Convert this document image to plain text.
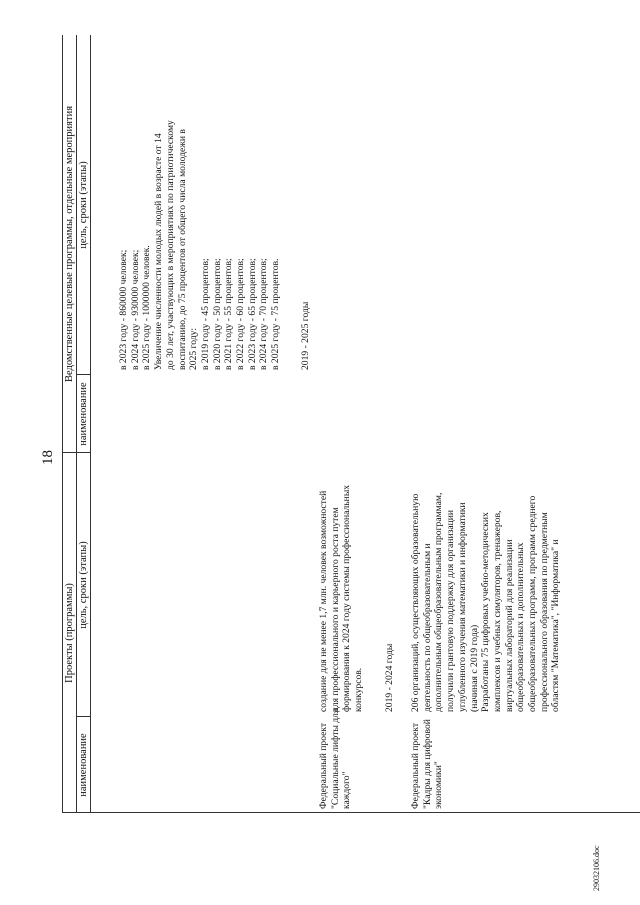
18
Проекты (программы)
наименование
цель, сроки (этапы)
Ведомственные целевые программы, отдельные мероприятия
наименование
цель, сроки (этапы)
Федеральный проект "Социальные лифты для каждого"
создание для не менее 1,7 млн. человек возможностей для профессионального и карьерного роста путем формирования к 2024 году системы профессиональных конкурсов. 2019 - 2024 годы
Федеральный проект "Кадры для цифровой экономики"
206 организаций, осуществляющих образовательную деятельность по общеобразовательным и дополнительным общеобразовательным программам, получили грантовую поддержку для организации углубленного изучения математики и информатики (начиная с 2019 года) Разработаны 75 цифровых учебно-методических комплексов и учебных симуляторов, тренажеров, виртуальных лабораторий для реализации общеобразовательных и дополнительных общеобразовательных программ, программ среднего профессионального образования по предметным областям "Математика", "Информатика" и
в 2023 году - 860000 человек; в 2024 году - 930000 человек; в 2025 году - 1000000 человек. Увеличение численности молодых людей в возрасте от 14 до 30 лет, участвующих в мероприятиях по патриотическому воспитанию, до 75 процентов от общего числа молодежи в 2025 году: в 2019 году - 45 процентов; в 2020 году - 50 процентов; в 2021 году - 55 процентов; в 2022 году - 60 процентов; в 2023 году - 65 процентов; в 2024 году - 70 процентов; в 2025 году - 75 процентов. 2019 - 2025 годы
29032106.doc
